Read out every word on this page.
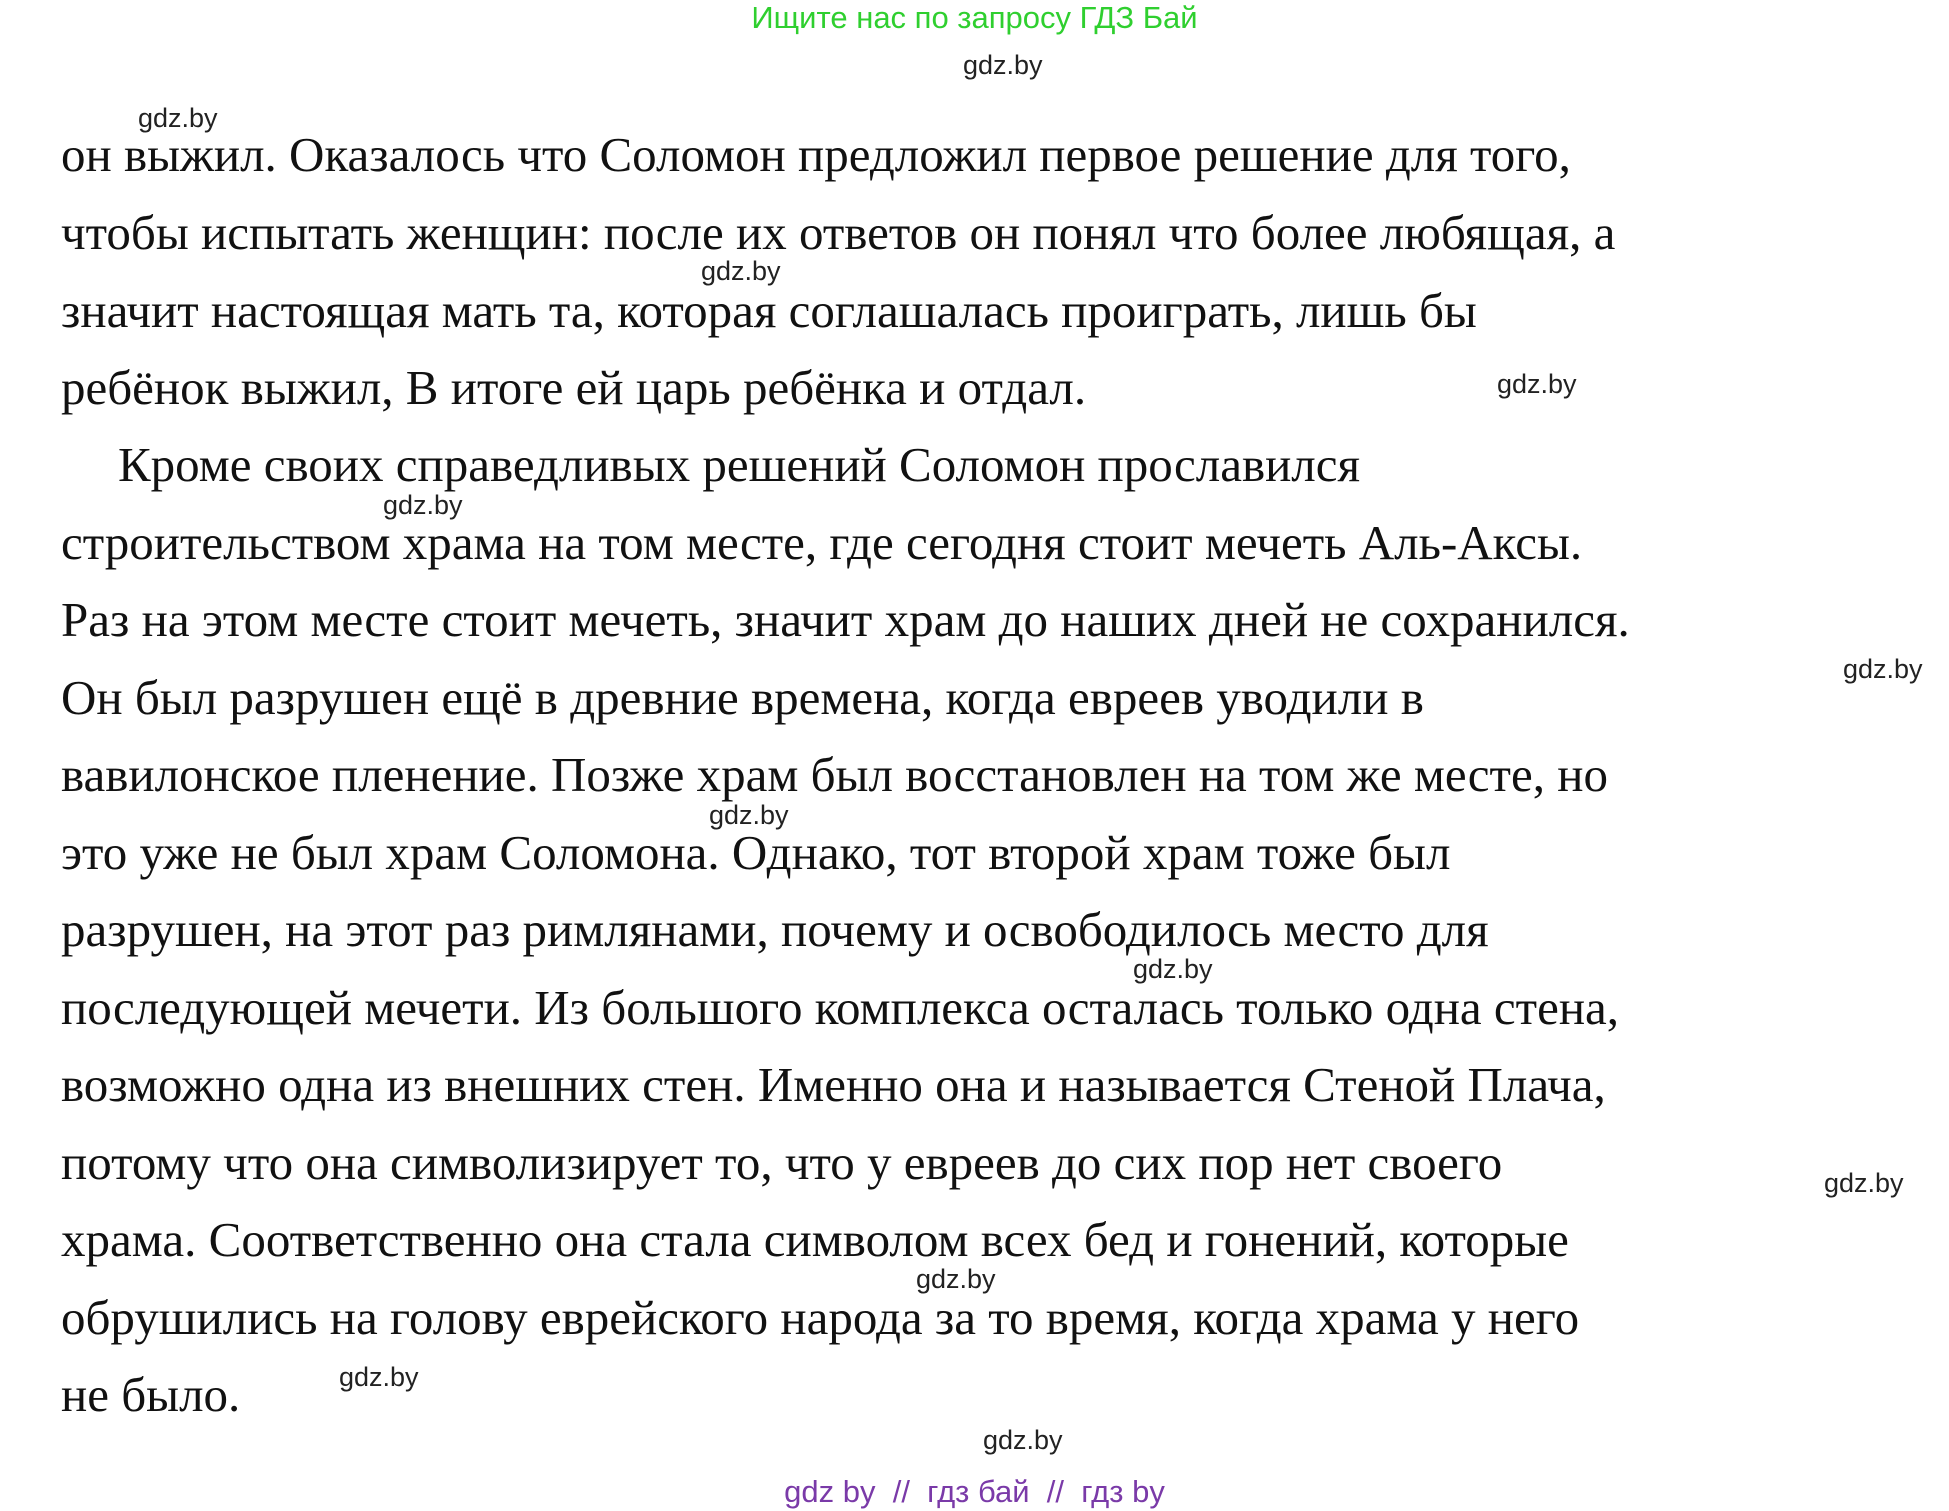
Ищите нас по запросу ГДЗ Бай
gdz.by
gdz.by
он выжил. Оказалось что Соломон предложил первое решение для того,
чтобы испытать женщин: после их ответов он понял что более любящая, а
gdz.by
значит настоящая мать та, которая соглашалась проиграть, лишь бы
ребёнок выжил, В итоге ей царь ребёнка и отдал.	gdz.by
Кроме своих справедливых решений Соломон прославился
gdz.by
строительством храма на том месте, где сегодня стоит мечеть Аль-Аксы.
Раз на этом месте стоит мечеть, значит храм до наших дней не сохранился.
gdz.by
Он был разрушен ещё в древние времена, когда евреев уводили в
вавилонское пленение. Позже храм был восстановлен на том же месте, но
gdz.by
это уже не был храм Соломона. Однако, тот второй храм тоже был
разрушен, на этот раз римлянами, почему и освободилось место для
gdz.by
последующей мечети. Из большого комплекса осталась только одна стена,
возможно одна из внешних стен. Именно она и называется Стеной Плача,
потому что она символизирует то, что у евреев до сих пор нет своего	gdz.by
храма. Соответственно она стала символом всех бед и гонений, которые
gdz.by
обрушились на голову еврейского народа за то время, когда храма у него
не было.	gdz.by
gdz.by
gdz by  //  гдз бай  //  гдз by
